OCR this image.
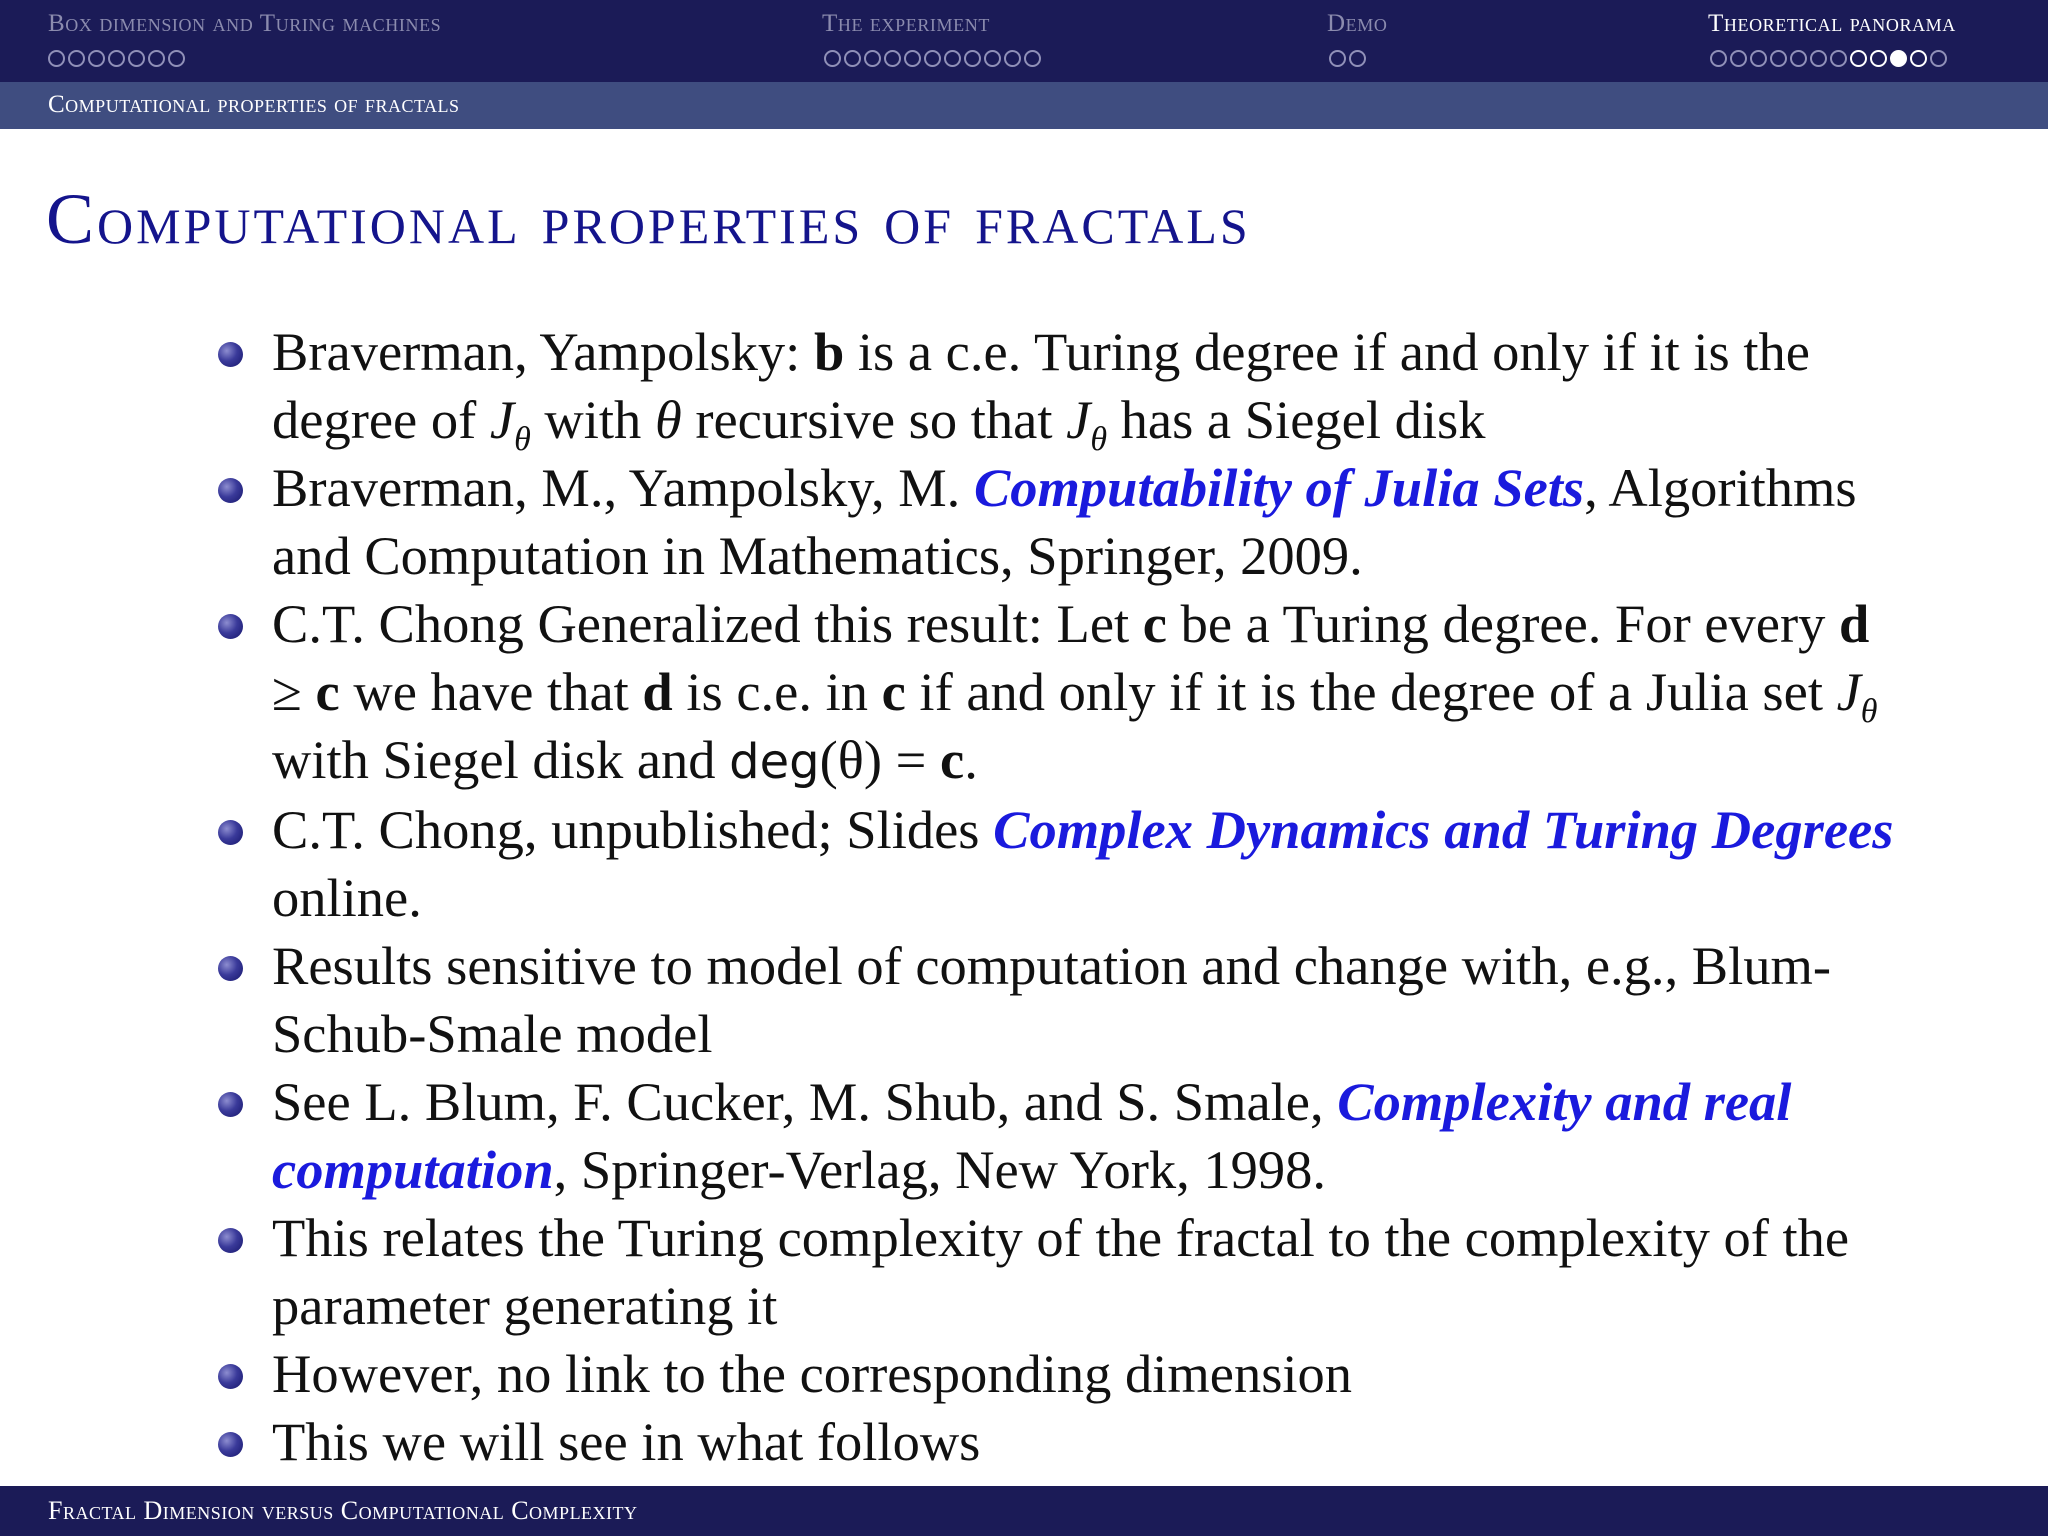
Box dimension and Turing machines	The experiment	Demo	Theoretical panorama
Computational properties of fractals
Computational properties of fractals
Braverman, Yampolsky: b is a c.e. Turing degree if and only if it is the degree of $J_\theta$ with θ recursive so that $J_\theta$ has a Siegel disk
Braverman, M., Yampolsky, M. Computability of Julia Sets, Algorithms and Computation in Mathematics, Springer, 2009.
C.T. Chong Generalized this result: Let c be a Turing degree. For every d ≥ c we have that d is c.e. in c if and only if it is the degree of a Julia set $J_\theta$ with Siegel disk and deg(θ) = c.
C.T. Chong, unpublished; Slides Complex Dynamics and Turing Degrees online.
Results sensitive to model of computation and change with, e.g., Blum-Schub-Smale model
See L. Blum, F. Cucker, M. Shub, and S. Smale, Complexity and real computation, Springer-Verlag, New York, 1998.
This relates the Turing complexity of the fractal to the complexity of the parameter generating it
However, no link to the corresponding dimension
This we will see in what follows
Fractal Dimension versus Computational Complexity
